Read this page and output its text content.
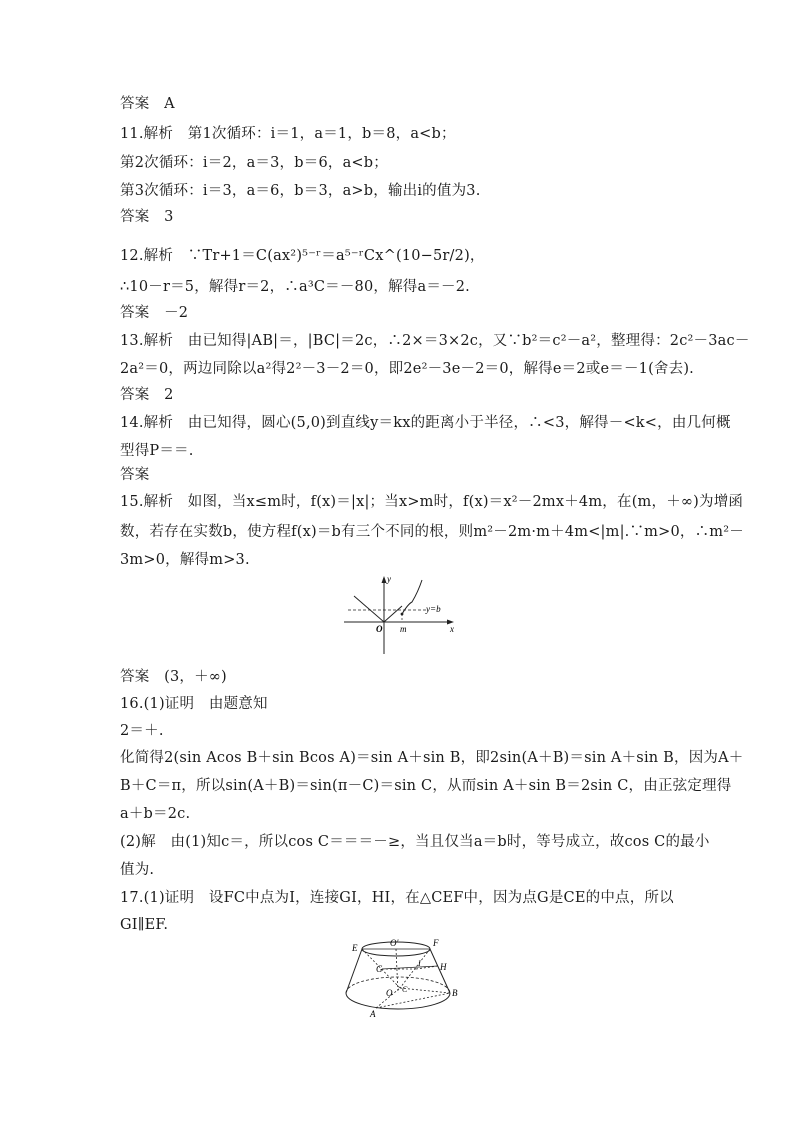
答案　A
11.解析　第1次循环：i＝1，a＝1，b＝8，a<b；
第2次循环：i＝2，a＝3，b＝6，a<b；
第3次循环：i＝3，a＝6，b＝3，a>b，输出i的值为3.
答案　3
12.解析　∵Tr+1＝C(ax²)⁵⁻ʳ＝a⁵⁻ʳCx^(10−5r/2)，
∴10－r＝5，解得r＝2，∴a³C＝－80，解得a＝－2.
答案　－2
13.解析　由已知得|AB|＝，|BC|＝2c，∴2×＝3×2c，又∵b²＝c²－a²，整理得：2c²－3ac－
2a²＝0，两边同除以a²得2²－3－2＝0，即2e²－3e－2＝0，解得e＝2或e＝－1(舍去).
答案　2
14.解析　由已知得，圆心(5,0)到直线y＝kx的距离小于半径，∴<3，解得－<k<，由几何概
型得P＝＝.
答案
15.解析　如图，当x≤m时，f(x)＝|x|；当x>m时，f(x)＝x²－2mx＋4m，在(m，＋∞)为增函
数，若存在实数b，使方程f(x)＝b有三个不同的根，则m²－2m·m＋4m<|m|.∵m>0，∴m²－
3m>0，解得m>3.
y
x
O m
y=b
答案　(3，＋∞)
16.(1)证明　由题意知
2＝＋.
化简得2(sin Acos B＋sin Bcos A)＝sin A＋sin B，即2sin(A＋B)＝sin A＋sin B，因为A＋
B＋C＝π，所以sin(A＋B)＝sin(π－C)＝sin C，从而sin A＋sin B＝2sin C，由正弦定理得
a＋b＝2c.
(2)解　由(1)知c＝，所以cos C＝＝＝－≥，当且仅当a＝b时，等号成立，故cos C的最小
值为.
17.(1)证明　设FC中点为I，连接GI，HI，在△CEF中，因为点G是CE的中点，所以
GI∥EF.
E	O′	F
I
G	H
O C	B
A
